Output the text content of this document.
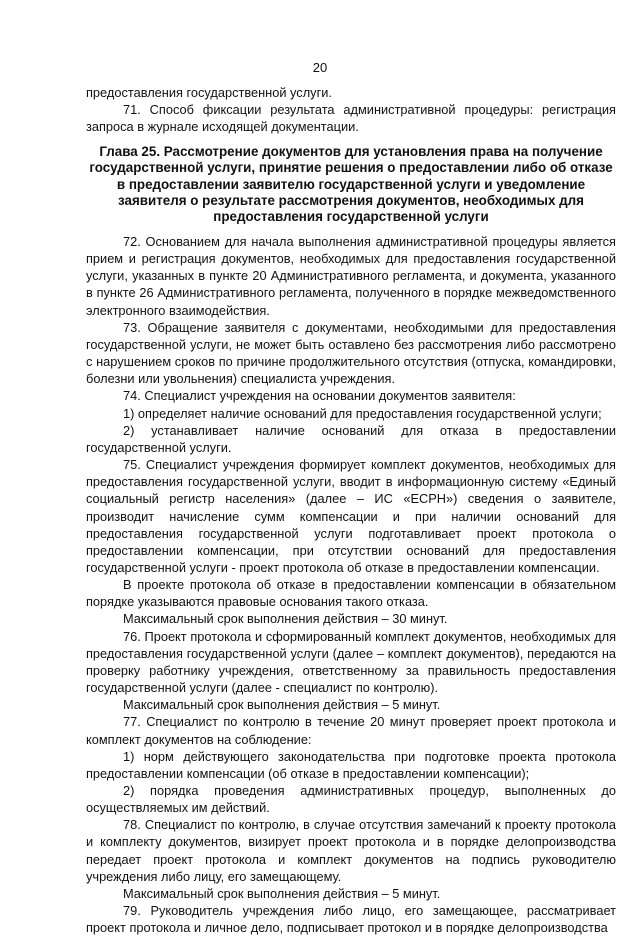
20

предоставления государственной услуги.

71. Способ фиксации результата административной процедуры: регистрация запроса в журнале исходящей документации.

Глава 25. Рассмотрение документов для установления права на получение государственной услуги, принятие решения о предоставлении либо об отказе в предоставлении заявителю государственной услуги и уведомление заявителя о результате рассмотрения документов, необходимых для предоставления государственной услуги

72. Основанием для начала выполнения административной процедуры является прием и регистрация документов, необходимых для предоставления государственной услуги, указанных в пункте 20 Административного регламента, и документа, указанного в пункте 26 Административного регламента, полученного в порядке межведомственного электронного взаимодействия.

73. Обращение заявителя с документами, необходимыми для предоставления государственной услуги, не может быть оставлено без рассмотрения либо рассмотрено с нарушением сроков по причине продолжительного отсутствия (отпуска, командировки, болезни или увольнения) специалиста учреждения.

74. Специалист учреждения на основании документов заявителя:

1) определяет наличие оснований для предоставления государственной услуги;

2) устанавливает наличие оснований для отказа в предоставлении государственной услуги.

75. Специалист учреждения формирует комплект документов, необходимых для предоставления государственной услуги, вводит в информационную систему «Единый социальный регистр населения» (далее – ИС «ЕСРН») сведения о заявителе, производит начисление сумм компенсации и при наличии оснований для предоставления государственной услуги подготавливает проект протокола о предоставлении компенсации, при отсутствии оснований для предоставления государственной услуги - проект протокола об отказе в предоставлении компенсации.

В проекте протокола об отказе в предоставлении компенсации в обязательном порядке указываются правовые основания такого отказа.

Максимальный срок выполнения действия – 30 минут.

76. Проект протокола и сформированный комплект документов, необходимых для предоставления государственной услуги (далее – комплект документов), передаются на проверку работнику учреждения, ответственному за правильность предоставления государственной услуги (далее - специалист по контролю).

Максимальный срок выполнения действия – 5 минут.

77. Специалист по контролю в течение 20 минут проверяет проект протокола и комплект документов на соблюдение:

1) норм действующего законодательства при подготовке проекта протокола предоставлении компенсации (об отказе в предоставлении компенсации);

2) порядка проведения административных процедур, выполненных до осуществляемых им действий.

78. Специалист по контролю, в случае отсутствия замечаний к проекту протокола и комплекту документов, визирует проект протокола и в порядке делопроизводства передает проект протокола и комплект документов на подпись руководителю учреждения либо лицу, его замещающему.

Максимальный срок выполнения действия – 5 минут.

79. Руководитель учреждения либо лицо, его замещающее, рассматривает проект протокола и личное дело, подписывает протокол и в порядке делопроизводства
